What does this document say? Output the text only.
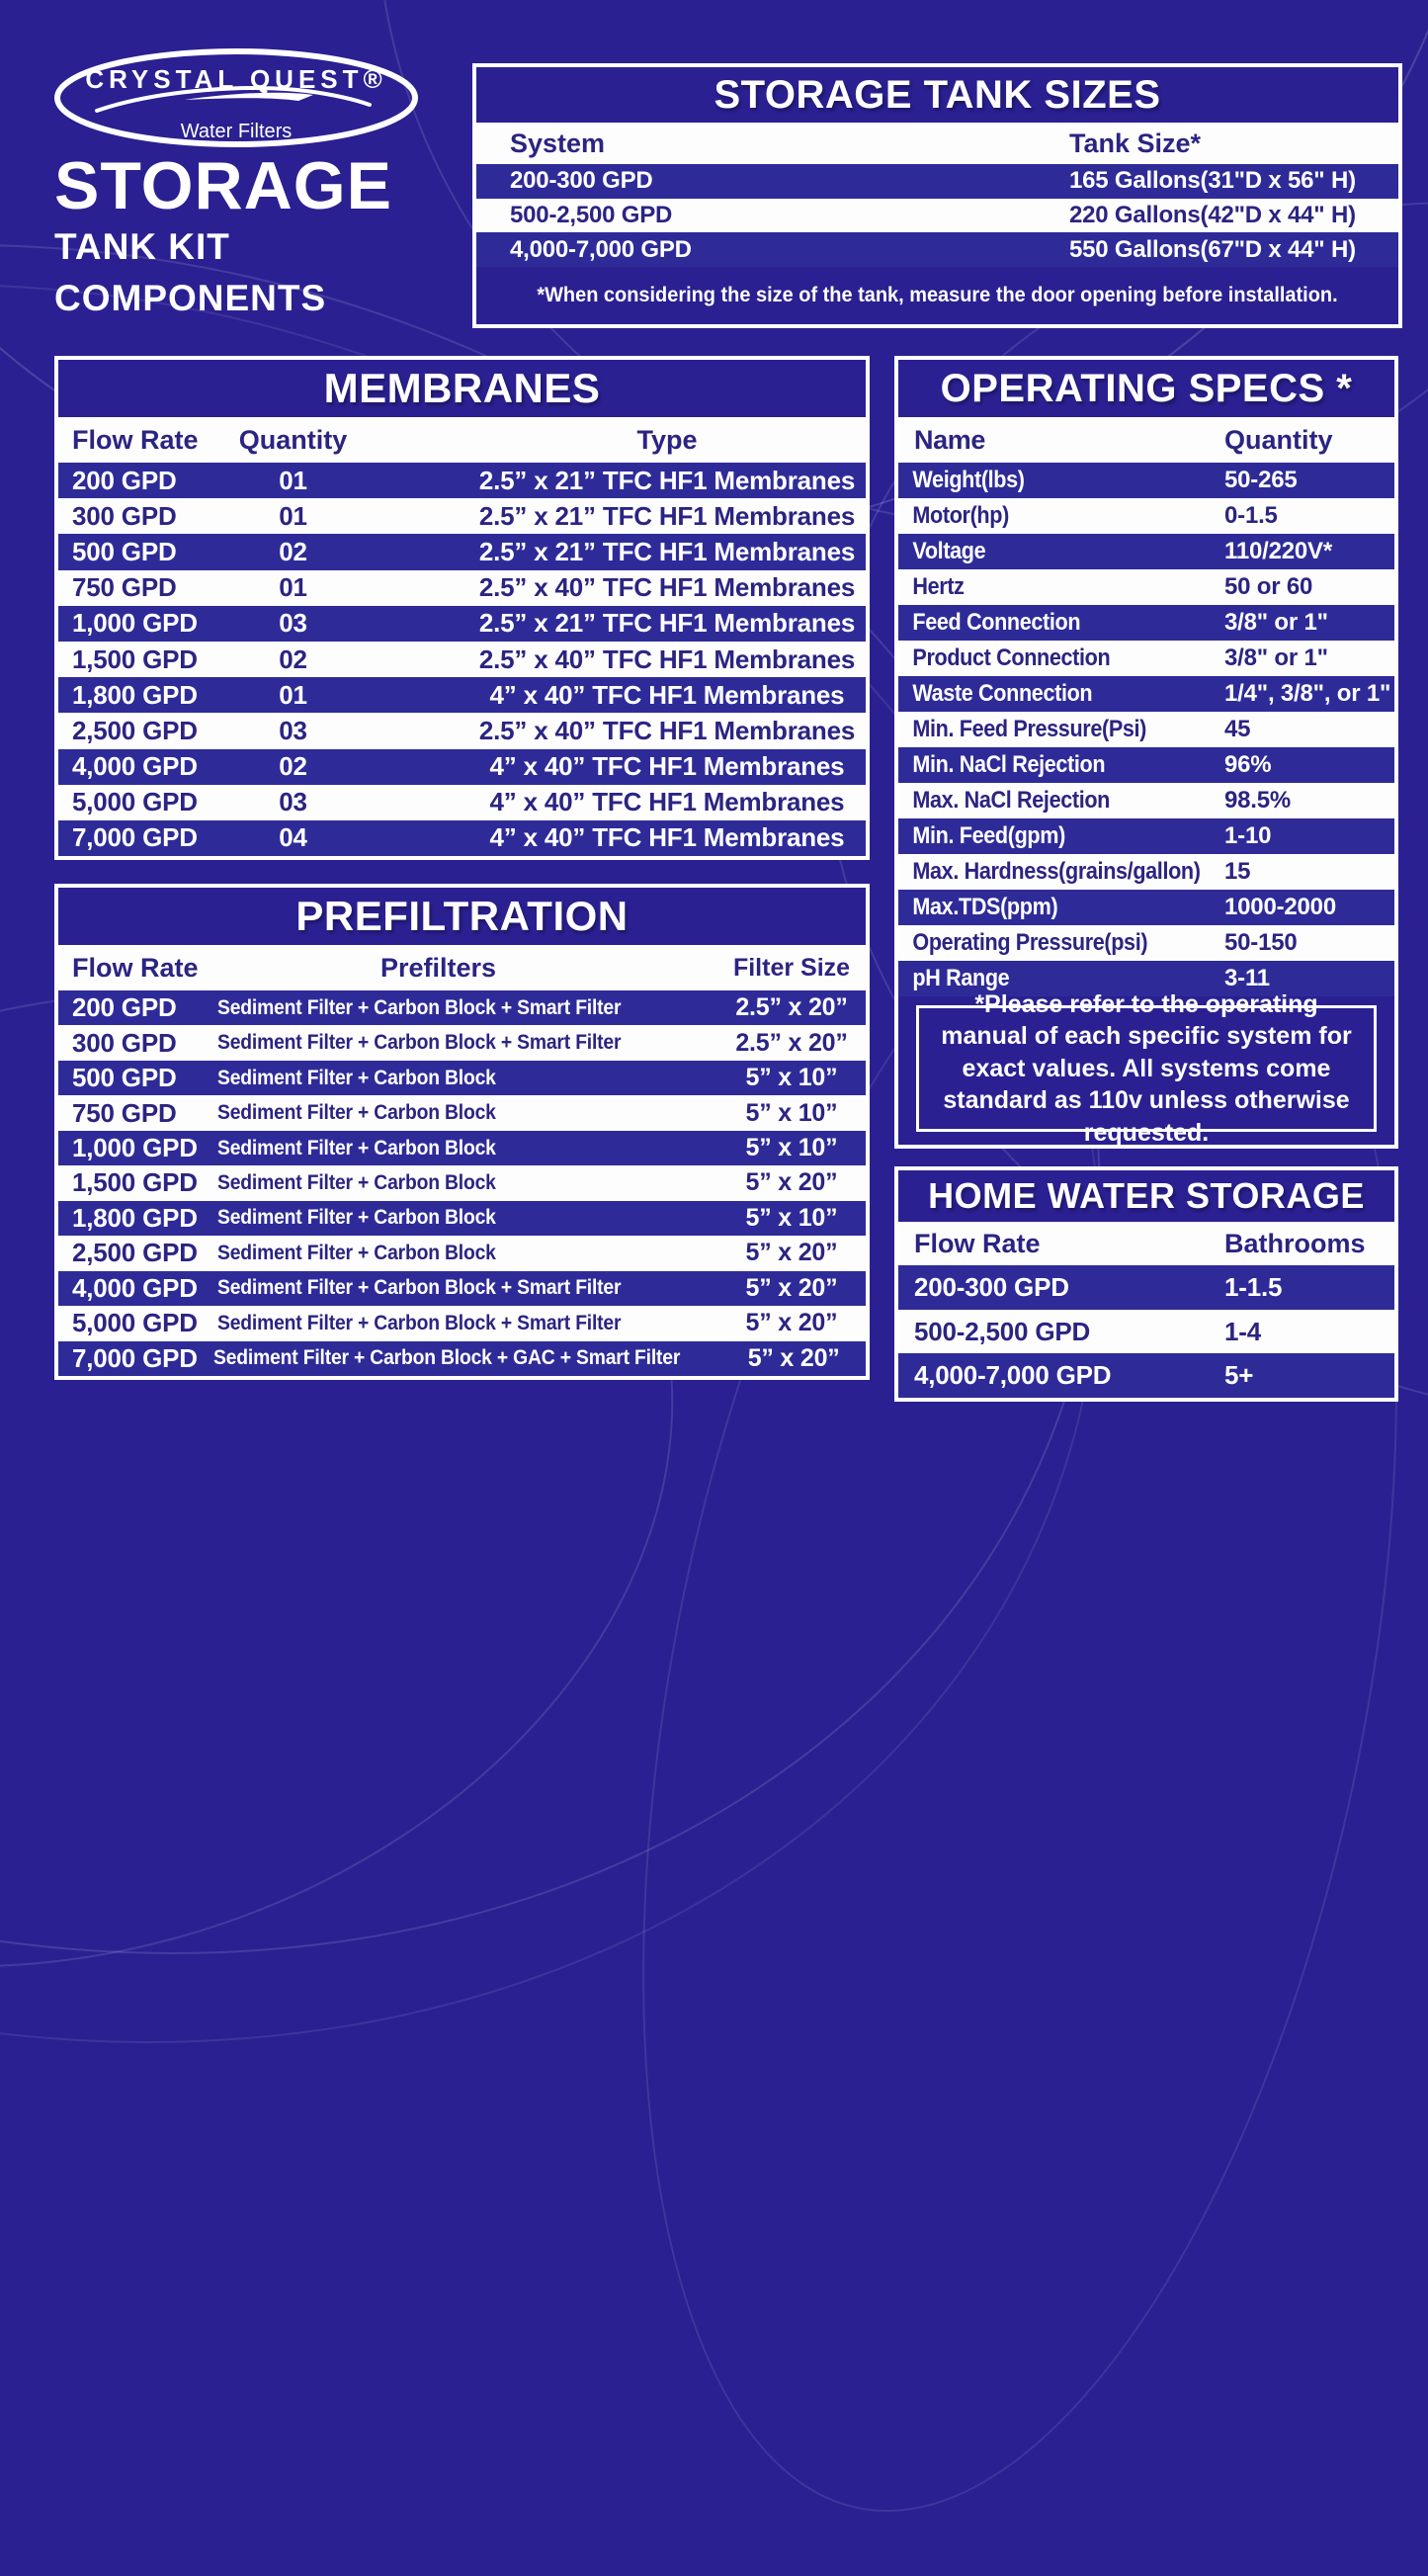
CRYSTAL QUEST®
Water Filters
STORAGE
TANK KIT
COMPONENTS
STORAGE TANK SIZES
System	Tank Size*
200-300 GPD	165 Gallons(31"D x 56" H)
500-2,500 GPD	220 Gallons(42"D x 44" H)
4,000-7,000 GPD	550 Gallons(67"D x 44" H)
*When considering the size of the tank, measure the door opening before installation.
MEMBRANES
Flow Rate	Quantity	Type
200 GPD	01	2.5” x 21” TFC HF1 Membranes
300 GPD	01	2.5” x 21” TFC HF1 Membranes
500 GPD	02	2.5” x 21” TFC HF1 Membranes
750 GPD	01	2.5” x 40” TFC HF1 Membranes
1,000 GPD	03	2.5” x 21” TFC HF1 Membranes
1,500 GPD	02	2.5” x 40” TFC HF1 Membranes
1,800 GPD	01	4” x 40” TFC HF1 Membranes
2,500 GPD	03	2.5” x 40” TFC HF1 Membranes
4,000 GPD	02	4” x 40” TFC HF1 Membranes
5,000 GPD	03	4” x 40” TFC HF1 Membranes
7,000 GPD	04	4” x 40” TFC HF1 Membranes
PREFILTRATION
Flow Rate	Prefilters	Filter Size
200 GPD	Sediment Filter + Carbon Block + Smart Filter	2.5” x 20”
300 GPD	Sediment Filter + Carbon Block + Smart Filter	2.5” x 20”
500 GPD	Sediment Filter + Carbon Block	5” x 10”
750 GPD	Sediment Filter + Carbon Block	5” x 10”
1,000 GPD Sediment Filter + Carbon Block	5” x 10”
1,500 GPD Sediment Filter + Carbon Block	5” x 20”
1,800 GPD Sediment Filter + Carbon Block	5” x 10”
2,500 GPD Sediment Filter + Carbon Block	5” x 20”
4,000 GPD Sediment Filter + Carbon Block + Smart Filter	5” x 20”
5,000 GPD Sediment Filter + Carbon Block + Smart Filter	5” x 20”
7,000 GPD Sediment Filter + Carbon Block + GAC + Smart Filter	5” x 20”
OPERATING SPECS *
Name	Quantity
Weight(lbs)	50-265
Motor(hp)	0-1.5
Voltage	110/220V*
Hertz	50 or 60
Feed Connection	3/8" or 1"
Product Connection	3/8" or 1"
Waste Connection	1/4", 3/8", or 1"
Min. Feed Pressure(Psi)	45
Min. NaCl Rejection	96%
Max. NaCl Rejection	98.5%
Min. Feed(gpm)	1-10
Max. Hardness(grains/gallon) 15
Max.TDS(ppm)	1000-2000
Operating Pressure(psi)	50-150
pH Range	3-11
*Please refer to the operating manual of each specific system for exact values. All systems come standard as 110v unless otherwise requested.
HOME WATER STORAGE
Flow Rate	Bathrooms
200-300 GPD	1-1.5
500-2,500 GPD	1-4
4,000-7,000 GPD	5+
